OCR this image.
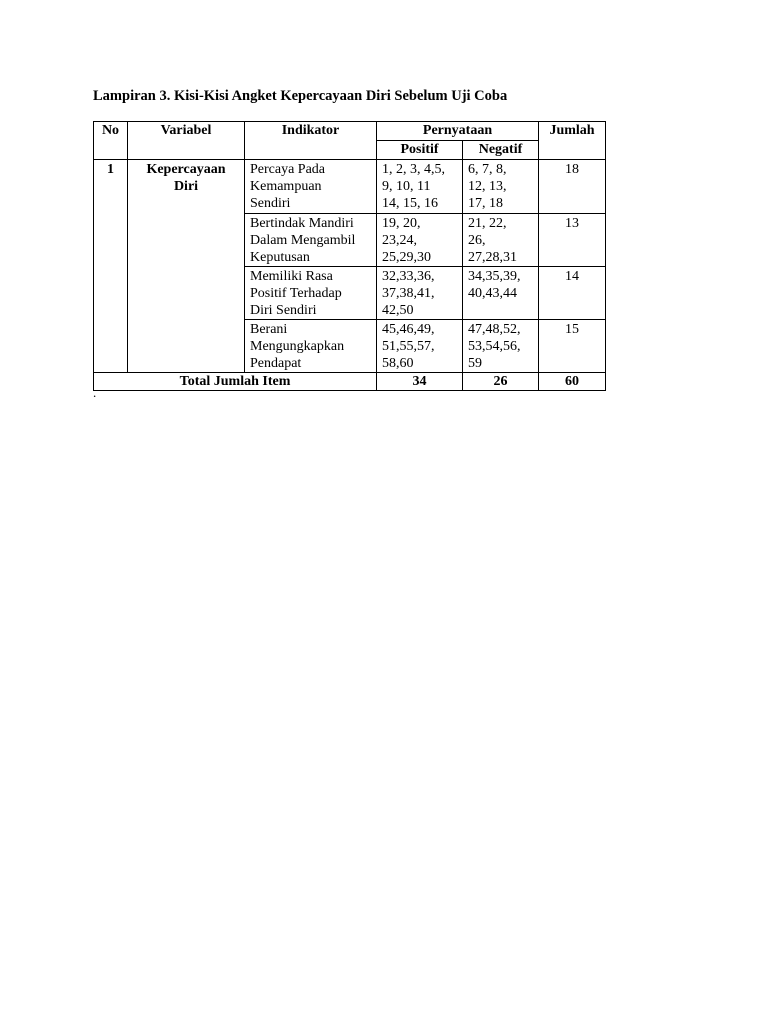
Lampiran 3. Kisi-Kisi Angket Kepercayaan Diri Sebelum Uji Coba
No	Variabel	Indikator	Pernyataan		Jumlah
			Positif	Negatif	
1	Kepercayaan
Diri	Percaya Pada
Kemampuan
Sendiri	1, 2, 3, 4,5,
9, 10, 11
14, 15, 16	6, 7, 8,
12, 13,
17, 18	18
		Bertindak Mandiri
Dalam Mengambil
Keputusan	19, 20,
23,24,
25,29,30	21, 22,
26,
27,28,31	13
		Memiliki Rasa
Positif Terhadap
Diri Sendiri	32,33,36,
37,38,41,
42,50	34,35,39,
40,43,44	14
		Berani
Mengungkapkan
Pendapat	45,46,49,
51,55,57,
58,60	47,48,52,
53,54,56,
59	15
Total Jumlah Item			34	26	60
.
